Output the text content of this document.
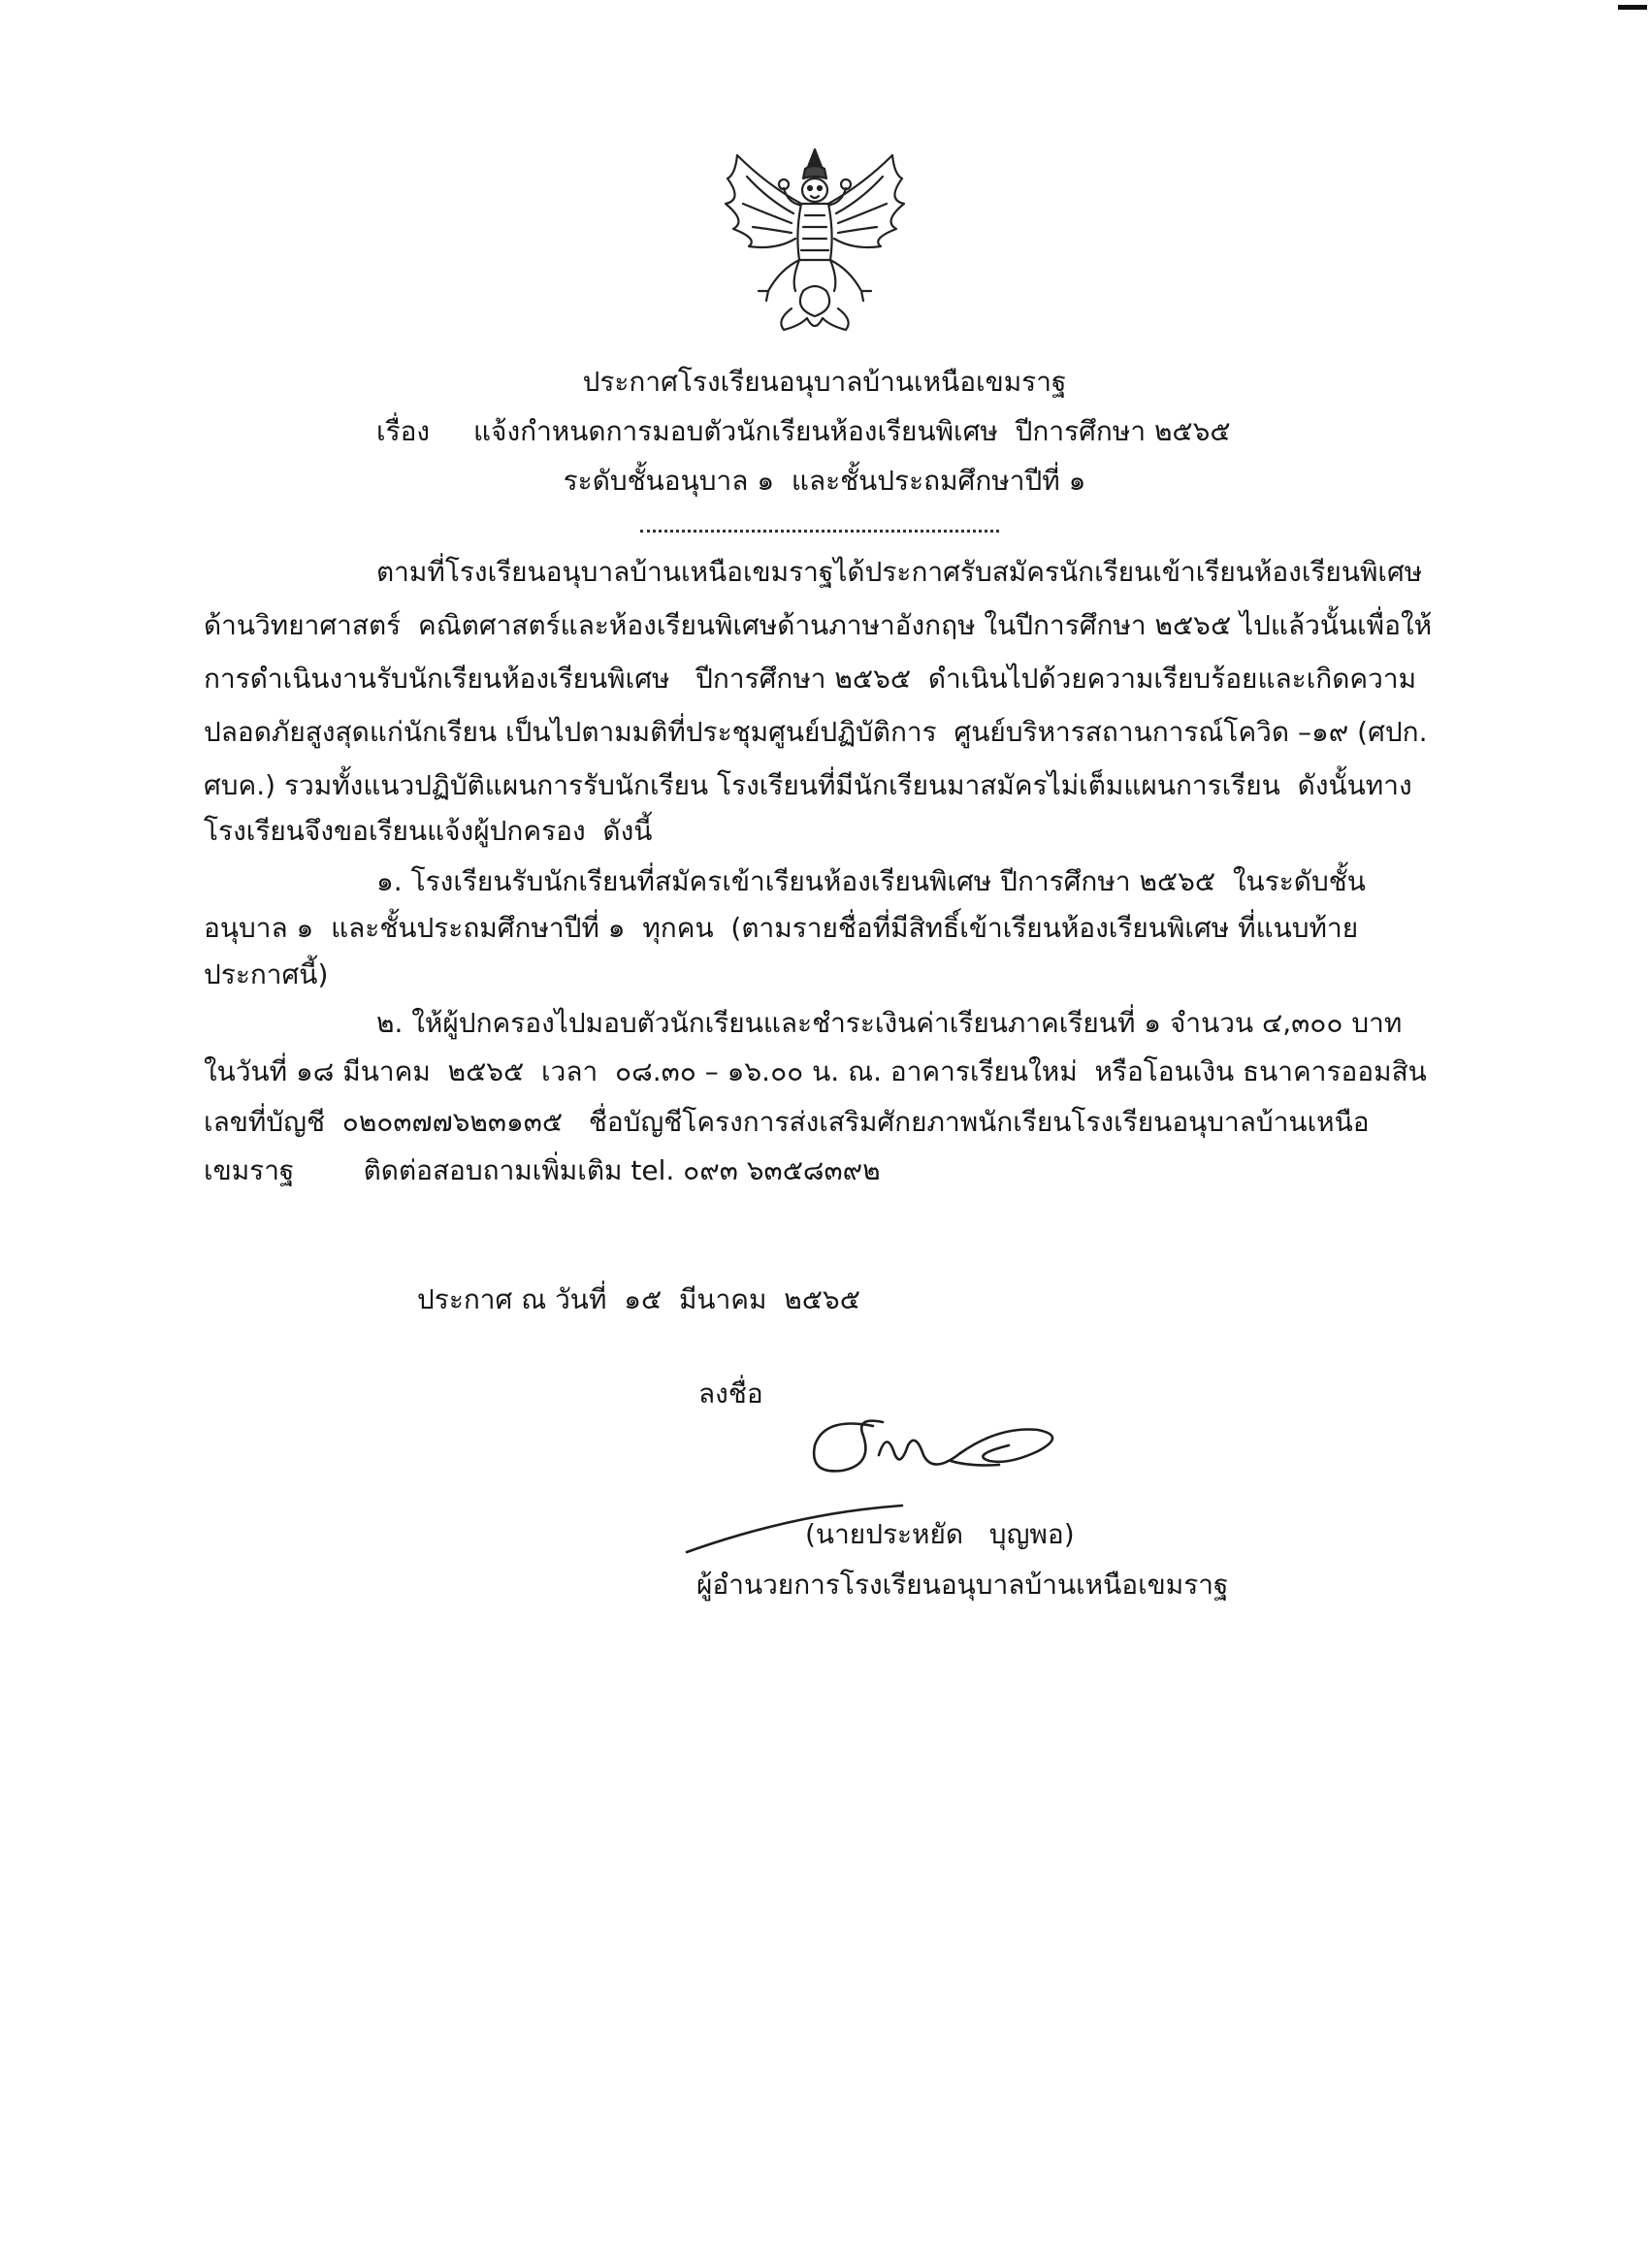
ประกาศโรงเรียนอนุบาลบ้านเหนือเขมราฐ
เรื่อง แจ้งกำหนดการมอบตัวนักเรียนห้องเรียนพิเศษ  ปีการศึกษา ๒๕๖๕
ระดับชั้นอนุบาล ๑  และชั้นประถมศึกษาปีที่ ๑
ตามที่โรงเรียนอนุบาลบ้านเหนือเขมราฐได้ประกาศรับสมัครนักเรียนเข้าเรียนห้องเรียนพิเศษ
ด้านวิทยาศาสตร์  คณิตศาสตร์และห้องเรียนพิเศษด้านภาษาอังกฤษ ในปีการศึกษา ๒๕๖๕ ไปแล้วนั้นเพื่อให้
การดำเนินงานรับนักเรียนห้องเรียนพิเศษ   ปีการศึกษา ๒๕๖๕  ดำเนินไปด้วยความเรียบร้อยและเกิดความ
ปลอดภัยสูงสุดแก่นักเรียน เป็นไปตามมติที่ประชุมศูนย์ปฏิบัติการ  ศูนย์บริหารสถานการณ์โควิด –๑๙ (ศปก.
ศบค.) รวมทั้งแนวปฏิบัติแผนการรับนักเรียน โรงเรียนที่มีนักเรียนมาสมัครไม่เต็มแผนการเรียน  ดังนั้นทาง
โรงเรียนจึงขอเรียนแจ้งผู้ปกครอง  ดังนี้
๑. โรงเรียนรับนักเรียนที่สมัครเข้าเรียนห้องเรียนพิเศษ ปีการศึกษา ๒๕๖๕  ในระดับชั้น
อนุบาล ๑  และชั้นประถมศึกษาปีที่ ๑  ทุกคน  (ตามรายชื่อที่มีสิทธิ์เข้าเรียนห้องเรียนพิเศษ ที่แนบท้าย
ประกาศนี้)
๒. ให้ผู้ปกครองไปมอบตัวนักเรียนและชำระเงินค่าเรียนภาคเรียนที่ ๑ จำนวน ๔,๓๐๐ บาท
ในวันที่ ๑๘ มีนาคม  ๒๕๖๕  เวลา  ๐๘.๓๐ – ๑๖.๐๐ น. ณ. อาคารเรียนใหม่  หรือโอนเงิน ธนาคารออมสิน
เลขที่บัญชี  ๐๒๐๓๗๗๖๒๓๑๓๕   ชื่อบัญชีโครงการส่งเสริมศักยภาพนักเรียนโรงเรียนอนุบาลบ้านเหนือ
เขมราฐ        ติดต่อสอบถามเพิ่มเติม tel. ๐๙๓ ๖๓๕๘๓๙๒
ประกาศ ณ วันที่  ๑๕  มีนาคม  ๒๕๖๕
ลงชื่อ
(นายประหยัด   บุญพอ)
ผู้อำนวยการโรงเรียนอนุบาลบ้านเหนือเขมราฐ
